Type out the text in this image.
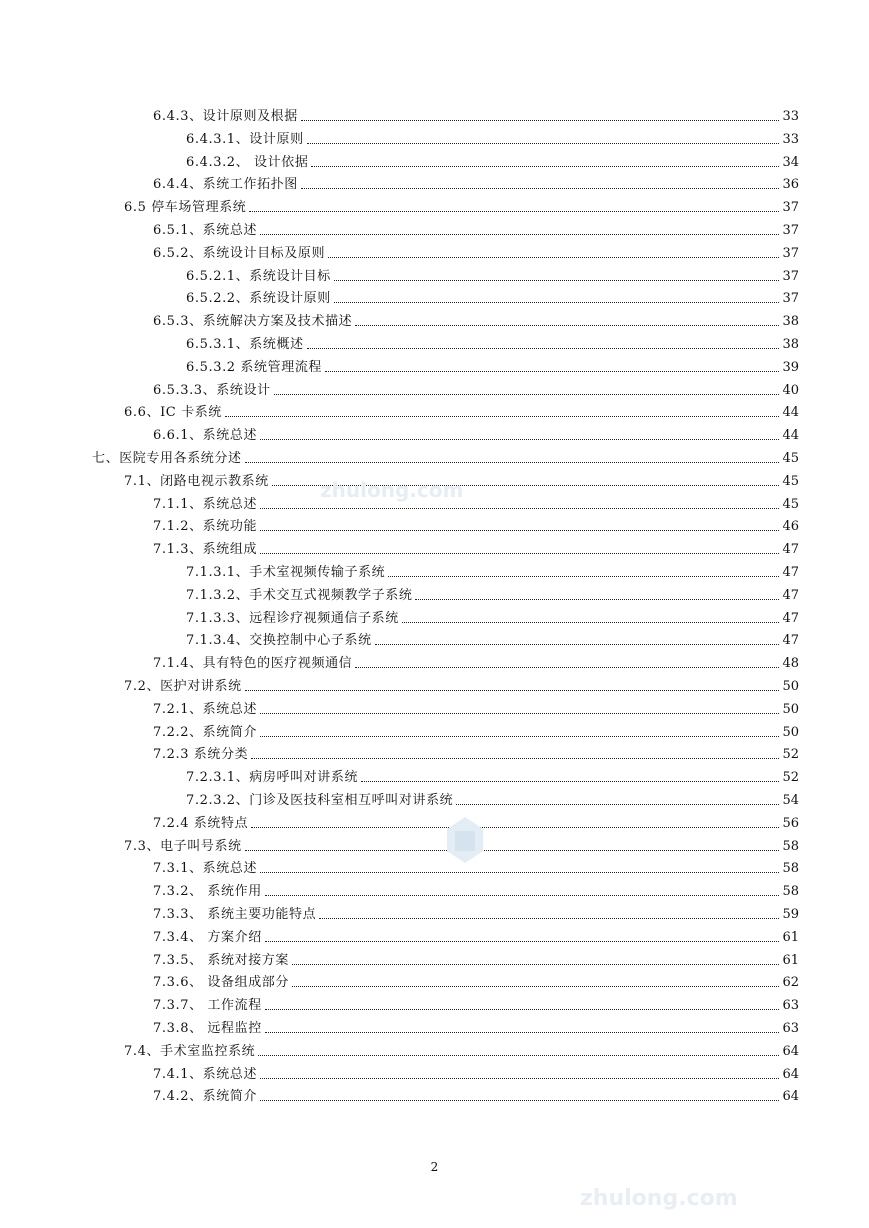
6.4.3、设计原则及根据	33
6.4.3.1、设计原则	33
6.4.3.2、 设计依据	34
6.4.4、系统工作拓扑图	36
6.5 停车场管理系统	37
6.5.1、系统总述	37
6.5.2、系统设计目标及原则	37
6.5.2.1、系统设计目标	37
6.5.2.2、系统设计原则	37
6.5.3、系统解决方案及技术描述	38
6.5.3.1、系统概述	38
6.5.3.2 系统管理流程	39
6.5.3.3、系统设计	40
6.6、IC 卡系统	44
6.6.1、系统总述	44
七、医院专用各系统分述	45
7.1、闭路电视示教系统	45
7.1.1、系统总述	45
7.1.2、系统功能	46
7.1.3、系统组成	47
7.1.3.1、手术室视频传输子系统	47
7.1.3.2、手术交互式视频教学子系统	47
7.1.3.3、远程诊疗视频通信子系统	47
7.1.3.4、交换控制中心子系统	47
7.1.4、具有特色的医疗视频通信	48
7.2、医护对讲系统	50
7.2.1、系统总述	50
7.2.2、系统简介	50
7.2.3 系统分类	52
7.2.3.1、病房呼叫对讲系统	52
7.2.3.2、门诊及医技科室相互呼叫对讲系统	54
7.2.4 系统特点	56
7.3、电子叫号系统	58
7.3.1、系统总述	58
7.3.2、 系统作用	58
7.3.3、 系统主要功能特点	59
7.3.4、 方案介绍	61
7.3.5、 系统对接方案	61
7.3.6、 设备组成部分	62
7.3.7、 工作流程	63
7.3.8、 远程监控	63
7.4、手术室监控系统	64
7.4.1、系统总述	64
7.4.2、系统简介	64
2
zhulong.com
zhulong.com
